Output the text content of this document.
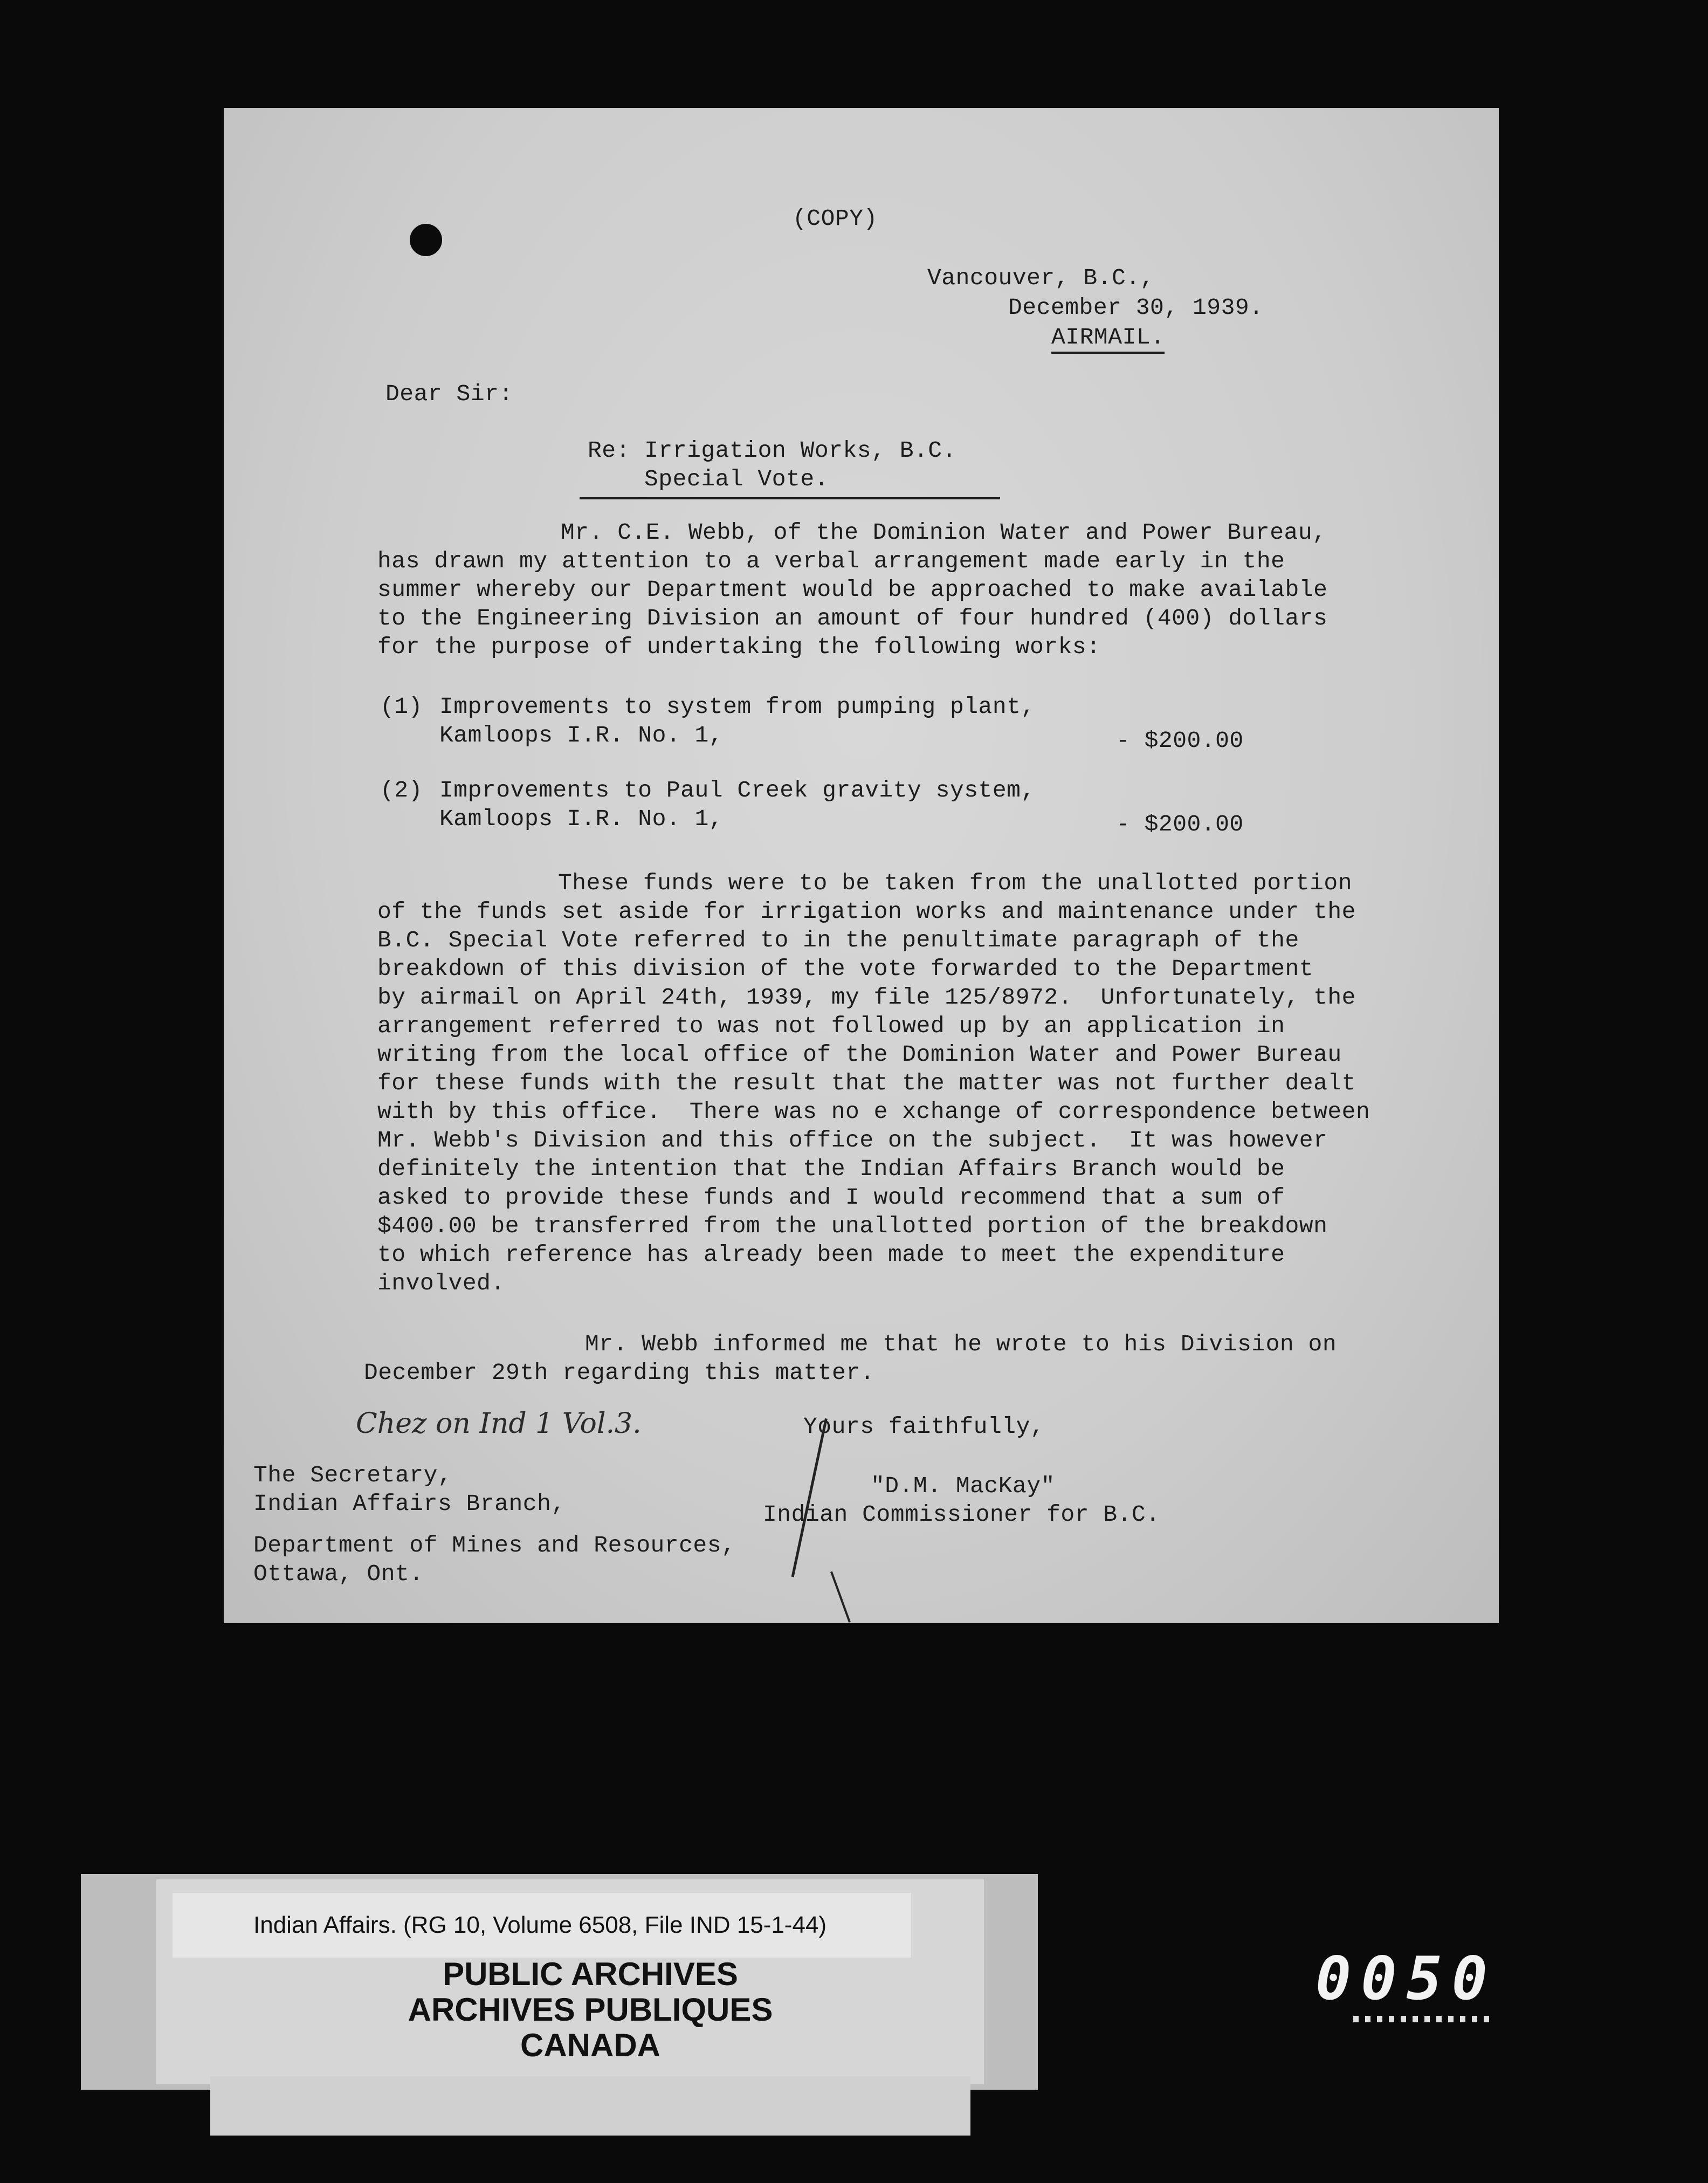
(COPY)
Vancouver, B.C.,
December 30, 1939.
AIRMAIL.
Dear Sir:
Re: Irrigation Works, B.C.
Special Vote.
Mr. C.E. Webb, of the Dominion Water and Power Bureau,
has drawn my attention to a verbal arrangement made early in the
summer whereby our Department would be approached to make available
to the Engineering Division an amount of four hundred (400) dollars
for the purpose of undertaking the following works:
(1) Improvements to system from pumping plant,
Kamloops I.R. No. 1,	- $200.00
(2) Improvements to Paul Creek gravity system,
Kamloops I.R. No. 1,	- $200.00
These funds were to be taken from the unallotted portion
of the funds set aside for irrigation works and maintenance under the
B.C. Special Vote referred to in the penultimate paragraph of the
breakdown of this division of the vote forwarded to the Department
by airmail on April 24th, 1939, my file 125/8972.  Unfortunately, the
arrangement referred to was not followed up by an application in
writing from the local office of the Dominion Water and Power Bureau
for these funds with the result that the matter was not further dealt
with by this office.  There was no e xchange of correspondence between
Mr. Webb's Division and this office on the subject.  It was however
definitely the intention that the Indian Affairs Branch would be
asked to provide these funds and I would recommend that a sum of
$400.00 be transferred from the unallotted portion of the breakdown
to which reference has already been made to meet the expenditure
involved.
Mr. Webb informed me that he wrote to his Division on
December 29th regarding this matter.
Chez on Ind 1 Vol.3.	Yours faithfully,
"D.M. MacKay"
Indian Commissioner for B.C.
The Secretary,
Indian Affairs Branch,
Department of Mines and Resources,
Ottawa, Ont.
Indian Affairs. (RG 10, Volume 6508, File IND 15-1-44)
PUBLIC ARCHIVES
ARCHIVES PUBLIQUES
CANADA
0050
